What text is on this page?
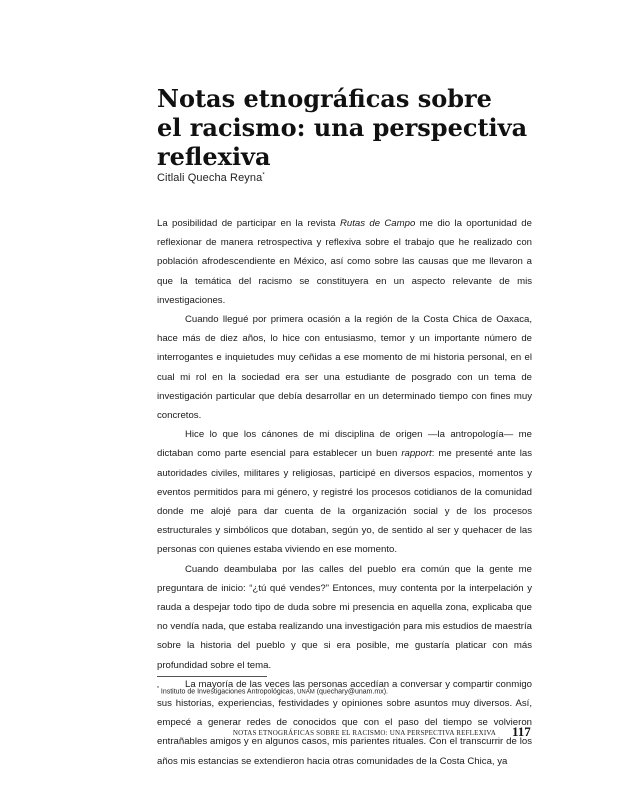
Notas etnográficas sobre
el racismo: una perspectiva
reflexiva
Citlali Quecha Reyna*

La posibilidad de participar en la revista Rutas de Campo me dio la oportunidad de reflexionar de manera retrospectiva y reflexiva sobre el trabajo que he realizado con población afrodescendiente en México, así como sobre las causas que me llevaron a que la temática del racismo se constituyera en un aspecto relevante de mis investigaciones.

Cuando llegué por primera ocasión a la región de la Costa Chica de Oaxaca, hace más de diez años, lo hice con entusiasmo, temor y un importante número de interrogantes e inquietudes muy ceñidas a ese momento de mi historia personal, en el cual mi rol en la sociedad era ser una estudiante de posgrado con un tema de investigación particular que debía desarrollar en un determinado tiempo con fines muy concretos.

Hice lo que los cánones de mi disciplina de origen —la antropología— me dictaban como parte esencial para establecer un buen rapport: me presenté ante las autoridades civiles, militares y religiosas, participé en diversos espacios, momentos y eventos permitidos para mi género, y registré los procesos cotidianos de la comunidad donde me alojé para dar cuenta de la organización social y de los procesos estructurales y simbólicos que dotaban, según yo, de sentido al ser y quehacer de las personas con quienes estaba viviendo en ese momento.

Cuando deambulaba por las calles del pueblo era común que la gente me preguntara de inicio: “¿tú qué vendes?” Entonces, muy contenta por la interpelación y rauda a despejar todo tipo de duda sobre mi presencia en aquella zona, explicaba que no vendía nada, que estaba realizando una investigación para mis estudios de maestría sobre la historia del pueblo y que si era posible, me gustaría platicar con más profundidad sobre el tema.

La mayoría de las veces las personas accedían a conversar y compartir conmigo sus historias, experiencias, festividades y opiniones sobre asuntos muy diversos. Así, empecé a generar redes de conocidos que con el paso del tiempo se volvieron entrañables amigos y en algunos casos, mis parientes rituales. Con el transcurrir de los años mis estancias se extendieron hacia otras comunidades de la Costa Chica, ya

* Instituto de Investigaciones Antropológicas, UNAM (quechary@unam.mx).
NOTAS ETNOGRÁFICAS SOBRE EL RACISMO: UNA PERSPECTIVA REFLEXIVA 117
